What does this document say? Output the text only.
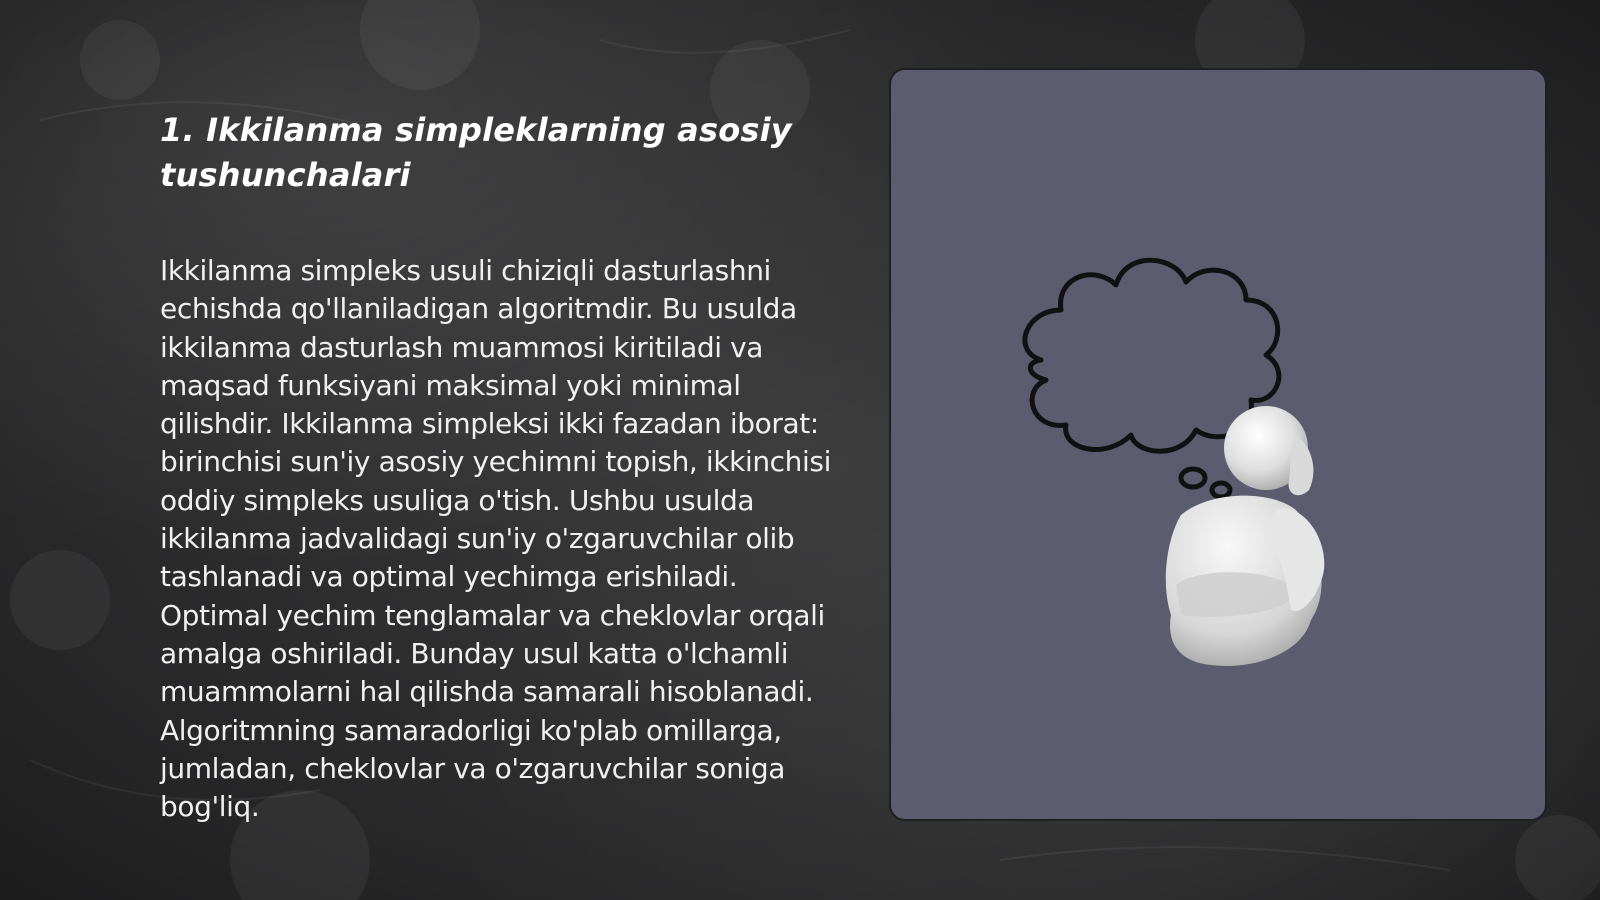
1. Ikkilanma simpleklarning asosiy tushunchalari

Ikkilanma simpleks usuli chiziqli dasturlashni echishda qo'llaniladigan algoritmdir. Bu usulda ikkilanma dasturlash muammosi kiritiladi va maqsad funksiyani maksimal yoki minimal qilishdir. Ikkilanma simpleksi ikki fazadan iborat: birinchisi sun'iy asosiy yechimni topish, ikkinchisi oddiy simpleks usuliga o'tish. Ushbu usulda ikkilanma jadvalidagi sun'iy o'zgaruvchilar olib tashlanadi va optimal yechimga erishiladi. Optimal yechim tenglamalar va cheklovlar orqali amalga oshiriladi. Bunday usul katta o'lchamli muammolarni hal qilishda samarali hisoblanadi. Algoritmning samaradorligi ko'plab omillarga, jumladan, cheklovlar va o'zgaruvchilar soniga bog'liq.
